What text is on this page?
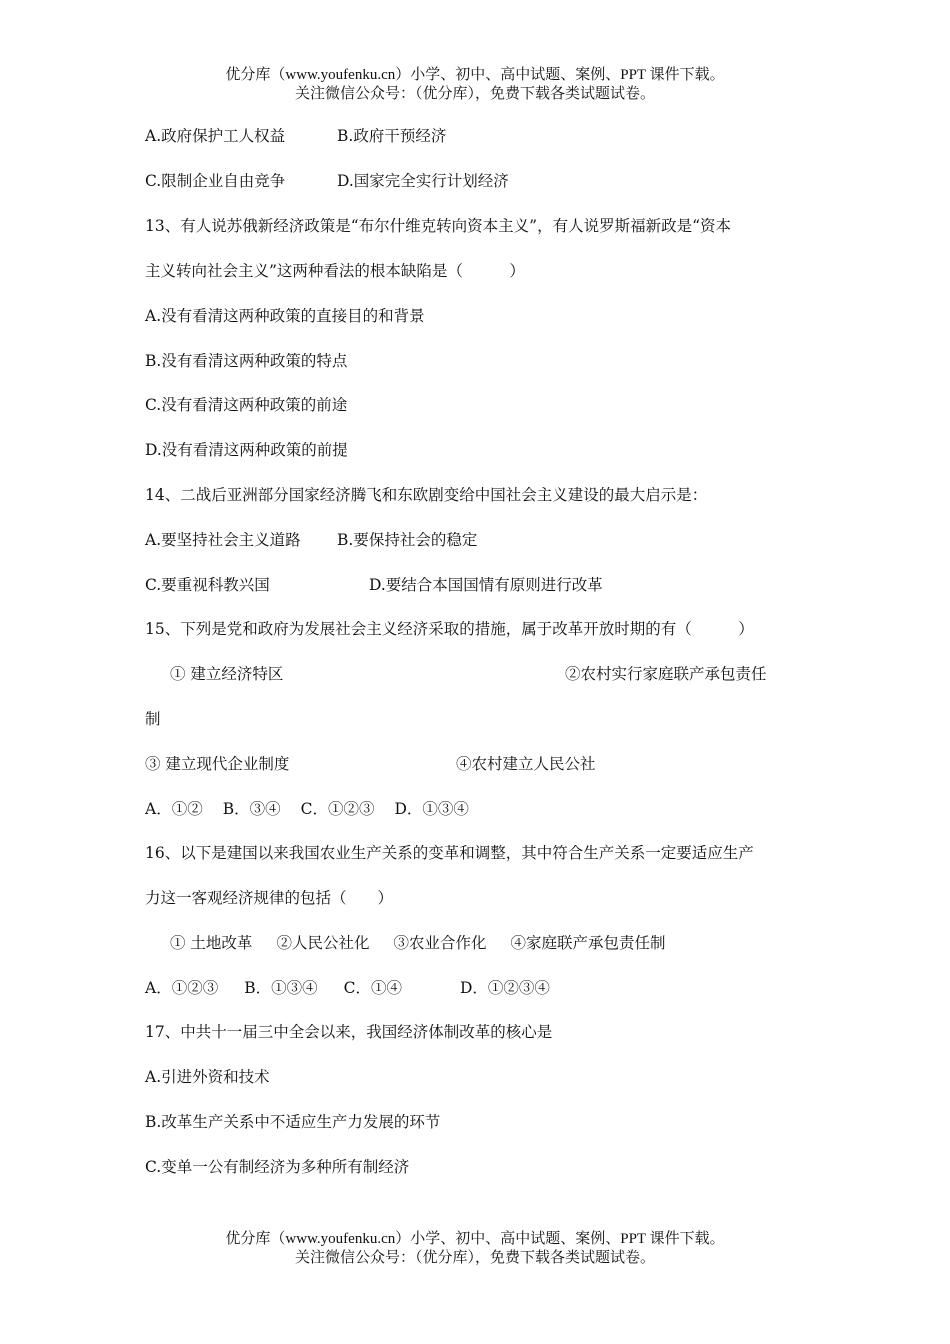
优分库（www.youfenku.cn）小学、初中、高中试题、案例、PPT 课件下载。
关注微信公众号：（优分库），免费下载各类试题试卷。
A.政府保护工人权益	B.政府干预经济
C.限制企业自由竞争	D.国家完全实行计划经济
13、有人说苏俄新经济政策是“布尔什维克转向资本主义”，有人说罗斯福新政是“资本
主义转向社会主义”这两种看法的根本缺陷是（　　　）
A.没有看清这两种政策的直接目的和背景
B.没有看清这两种政策的特点
C.没有看清这两种政策的前途
D.没有看清这两种政策的前提
14、二战后亚洲部分国家经济腾飞和东欧剧变给中国社会主义建设的最大启示是：
A.要坚持社会主义道路 B.要保持社会的稳定
C.要重视科教兴国	D.要结合本国国情有原则进行改革
15、下列是党和政府为发展社会主义经济采取的措施，属于改革开放时期的有（　　　）
① 建立经济特区	②农村实行家庭联产承包责任
制
③ 建立现代企业制度	④农村建立人民公社
A．①② B．③④ C．①②③ D．①③④
16、以下是建国以来我国农业生产关系的变革和调整，其中符合生产关系一定要适应生产
力这一客观经济规律的包括（　　）
① 土地改革 ②人民公社化 ③农业合作化 ④家庭联产承包责任制
A．①②③ B．①③④ C．①④	D．①②③④
17、中共十一届三中全会以来，我国经济体制改革的核心是
A.引进外资和技术
B.改革生产关系中不适应生产力发展的环节
C.变单一公有制经济为多种所有制经济
优分库（www.youfenku.cn）小学、初中、高中试题、案例、PPT 课件下载。
关注微信公众号：（优分库），免费下载各类试题试卷。
